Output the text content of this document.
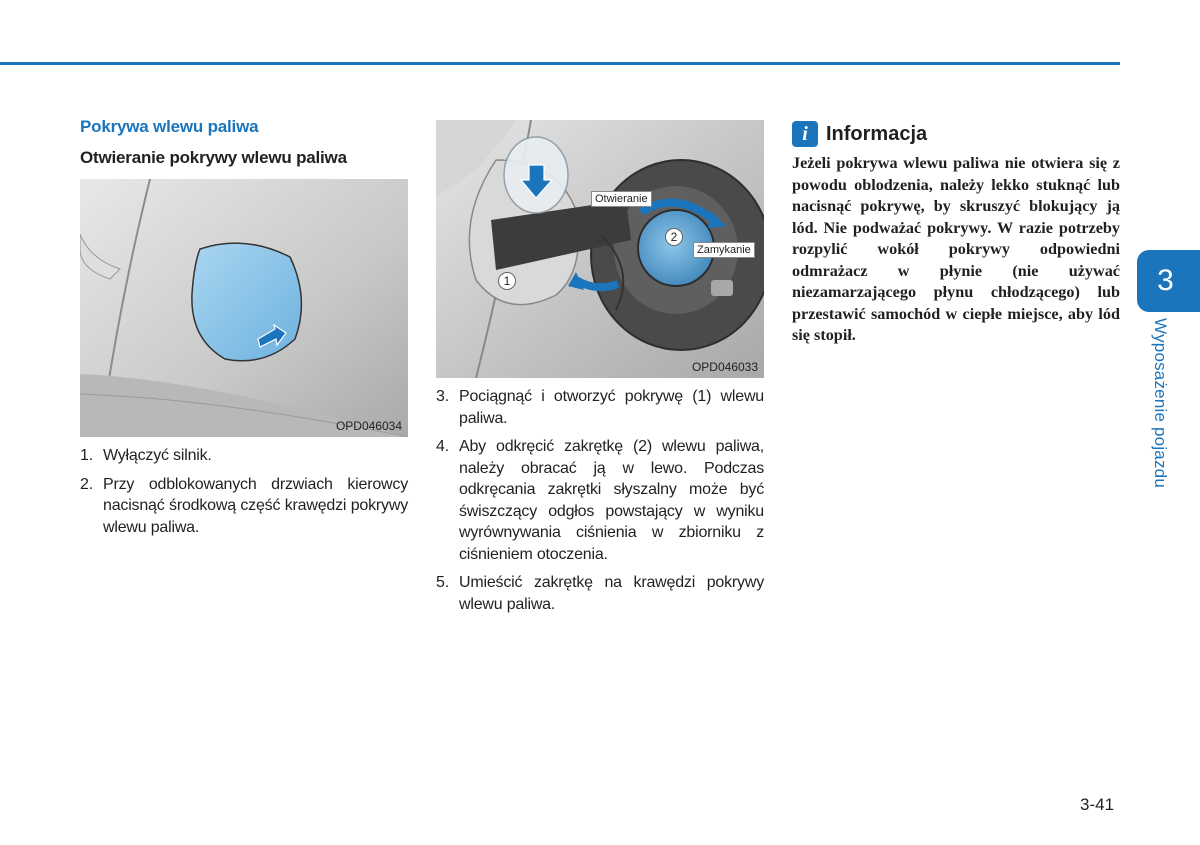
Pokrywa wlewu paliwa
Otwieranie pokrywy wlewu paliwa
OPD046034
1. Wyłączyć silnik.
2. Przy odblokowanych drzwiach kierowcy nacisnąć środkową część krawędzi pokrywy wlewu paliwa.
Otwieranie
Zamykanie
1
2
OPD046033
3. Pociągnąć i otworzyć pokrywę (1) wlewu paliwa.
4. Aby odkręcić zakrętkę (2) wlewu paliwa, należy obracać ją w lewo. Podczas odkręcania zakrętki słyszalny może być świszczący odgłos powstający w wyniku wyrównywania ciśnienia w zbiorniku z ciśnieniem otoczenia.
5. Umieścić zakrętkę na krawędzi pokrywy wlewu paliwa.
i Informacja
Jeżeli pokrywa wlewu paliwa nie otwiera się z powodu oblodzenia, należy lekko stuknąć lub nacisnąć pokrywę, by skruszyć blokujący ją lód. Nie podważać pokrywy. W razie potrzeby rozpylić wokół pokrywy odpowiedni odmrażacz w płynie (nie używać niezamarzającego płynu chłodzącego) lub przestawić samochód w ciepłe miejsce, aby lód się stopił.
3
Wyposażenie pojazdu
3-41
